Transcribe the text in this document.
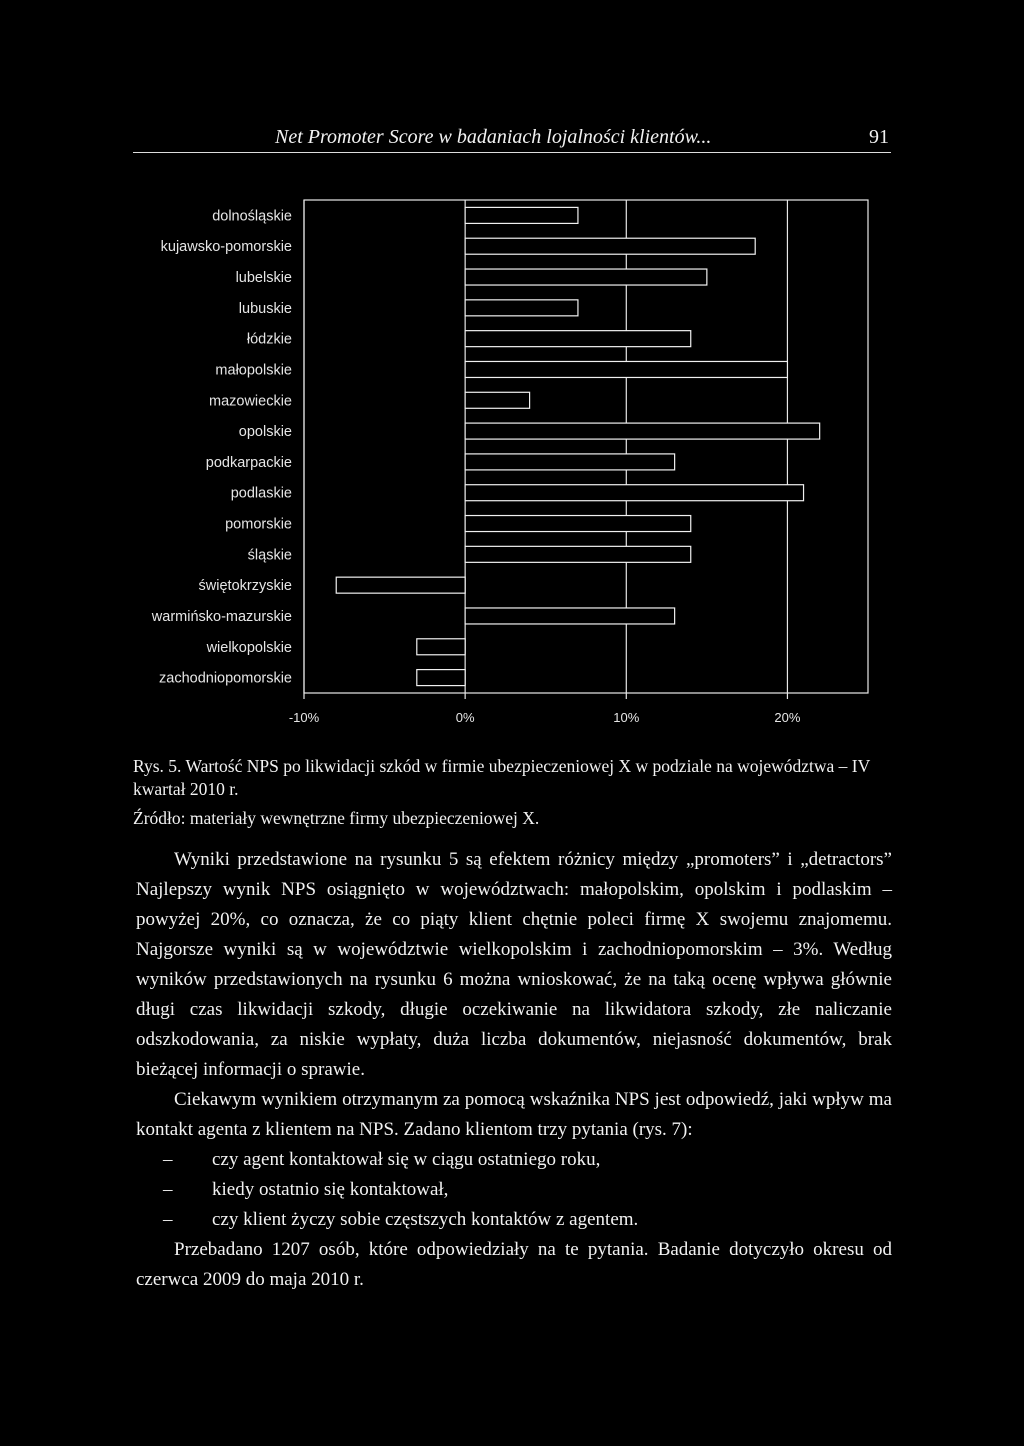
Net Promoter Score w badaniach lojalności klientów...	91
-10%	0%	10%	20%
dolnośląskie
kujawsko-pomorskie
lubelskie
lubuskie
łódzkie
małopolskie
mazowieckie
opolskie
podkarpackie
podlaskie
pomorskie
śląskie
świętokrzyskie
warmińsko-mazurskie
wielkopolskie
zachodniopomorskie
Rys. 5. Wartość NPS po likwidacji szkód w firmie ubezpieczeniowej X w podziale na województwa – IV kwartał 2010 r.
Źródło: materiały wewnętrzne firmy ubezpieczeniowej X.

Wyniki przedstawione na rysunku 5 są efektem różnicy między „promoters” i „detractors” Najlepszy wynik NPS osiągnięto w województwach: małopolskim, opolskim i podlaskim – powyżej 20%, co oznacza, że co piąty klient chętnie poleci firmę X swojemu znajomemu. Najgorsze wyniki są w województwie wielkopolskim i zachodniopomorskim – 3%. Według wyników przedstawionych na rysunku 6 można wnioskować, że na taką ocenę wpływa głównie długi czas likwidacji szkody, długie oczekiwanie na likwidatora szkody, złe naliczanie odszkodowania, za niskie wypłaty, duża liczba dokumentów, niejasność dokumentów, brak bieżącej informacji o sprawie.

Ciekawym wynikiem otrzymanym za pomocą wskaźnika NPS jest odpowiedź, jaki wpływ ma kontakt agenta z klientem na NPS. Zadano klientom trzy pytania (rys. 7):

– czy agent kontaktował się w ciągu ostatniego roku,
– kiedy ostatnio się kontaktował,
– czy klient życzy sobie częstszych kontaktów z agentem.

Przebadano 1207 osób, które odpowiedziały na te pytania. Badanie dotyczyło okresu od czerwca 2009 do maja 2010 r.
